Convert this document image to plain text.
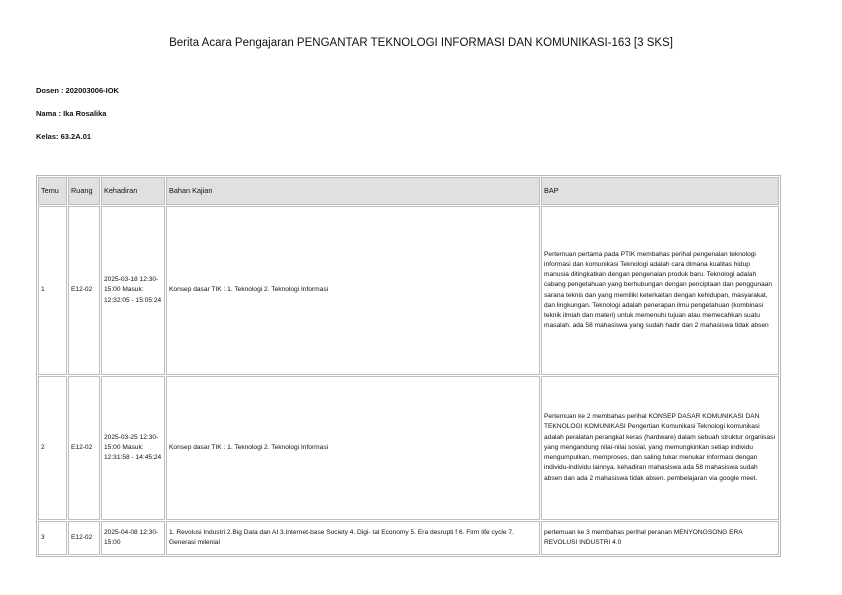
Berita Acara Pengajaran PENGANTAR TEKNOLOGI INFORMASI DAN KOMUNIKASI-163 [3 SKS]
Dosen : 202003006-IOK
Nama : Ika Rosalika
Kelas: 63.2A.01
Temu	Ruang	Kehadiran	Bahan Kajian	BAP
1	E12-02	2025-03-18 12:30-15:00 Masuk: 12:32:05 - 15:05:24	Konsep dasar TIK : 1. Teknologi 2. Teknologi Informasi	Pertemuan pertama pada PTIK membahas perihal pengenalan teknologi informasi dan komunikasi Teknologi adalah cara dimana kualitas hidup manusia ditingkatkan dengan pengenalan produk baru. Teknologi adalah cabang pengetahuan yang berhubungan dengan penciptaan dan penggunaan sarana teknis dan yang memiliki keterkaitan dengan kehidupan, masyarakat, dan lingkungan. Teknologi adalah penerapan ilmu pengetahuan (kombinasi teknik ilmiah dan materi) untuk memenuhi tujuan atau memecahkan suatu masalah. ada 58 mahasiswa yang sudah hadir dan 2 mahasiswa tidak absen
2	E12-02	2025-03-25 12:30-15:00 Masuk: 12:31:58 - 14:45:24	Konsep dasar TIK : 1. Teknologi 2. Teknologi Informasi	Pertemuan ke 2 membahas perihal KONSEP DASAR KOMUNIKASI DAN TEKNOLOGI KOMUNIKASI Pengertian Komunikasi Teknologi komunikasi adalah peralatan perangkat keras (hardware) dalam sebuah struktur organisasi yang mengandung nilai-nilai sosial, yang memungkinkan setiap individu mengumpulkan, memproses, dan saling tukar menukar informasi dengan individu-individu lainnya. kehadiran mahasiswa ada 58 mahasiswa sudah absen dan ada 2 mahasiswa tidak absen. pembelajaran via google meet.
3	E12-02	2025-04-08 12:30-15:00	1. Revolusi Industri 2.Big Data dan AI 3.Internet-base Society 4. Digi- tal Economy 5. Era desrupti f 6. Firm life cycle 7. Generasi milenial	pertemuan ke 3 membahas perihal peranan MENYONGSONG ERA REVOLUSI INDUSTRI 4.0
